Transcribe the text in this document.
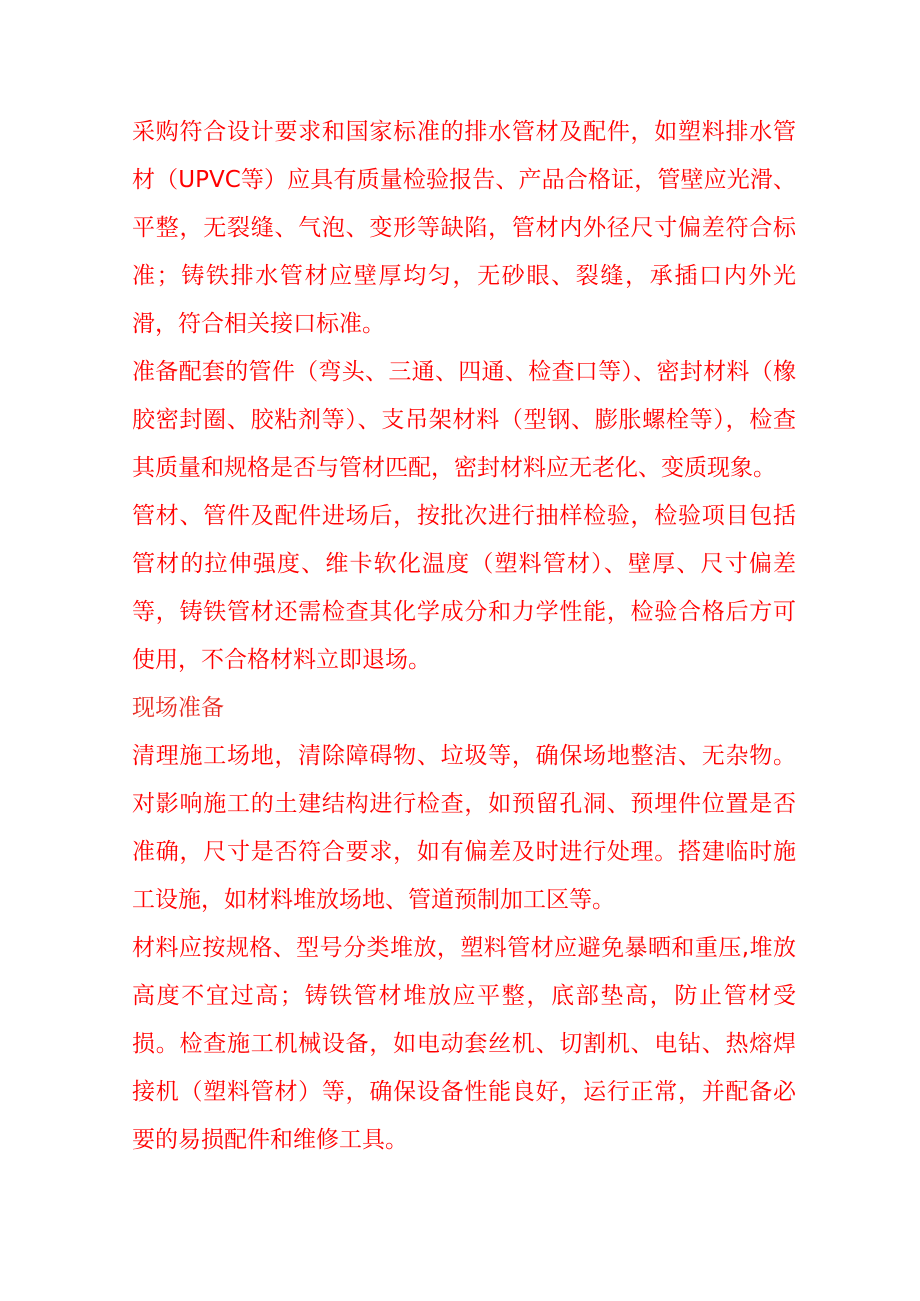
采购符合设计要求和国家标准的排水管材及配件，如塑料排水管材（UPVC等）应具有质量检验报告、产品合格证，管壁应光滑、平整，无裂缝、气泡、变形等缺陷，管材内外径尺寸偏差符合标准；铸铁排水管材应壁厚均匀，无砂眼、裂缝，承插口内外光滑，符合相关接口标准。

准备配套的管件（弯头、三通、四通、检查口等）、密封材料（橡胶密封圈、胶粘剂等）、支吊架材料（型钢、膨胀螺栓等），检查其质量和规格是否与管材匹配，密封材料应无老化、变质现象。

管材、管件及配件进场后，按批次进行抽样检验，检验项目包括管材的拉伸强度、维卡软化温度（塑料管材）、壁厚、尺寸偏差等，铸铁管材还需检查其化学成分和力学性能，检验合格后方可使用，不合格材料立即退场。

现场准备

清理施工场地，清除障碍物、垃圾等，确保场地整洁、无杂物。对影响施工的土建结构进行检查，如预留孔洞、预埋件位置是否准确，尺寸是否符合要求，如有偏差及时进行处理。搭建临时施工设施，如材料堆放场地、管道预制加工区等。

材料应按规格、型号分类堆放，塑料管材应避免暴晒和重压,堆放高度不宜过高；铸铁管材堆放应平整，底部垫高，防止管材受损。检查施工机械设备，如电动套丝机、切割机、电钻、热熔焊接机（塑料管材）等，确保设备性能良好，运行正常，并配备必要的易损配件和维修工具。
